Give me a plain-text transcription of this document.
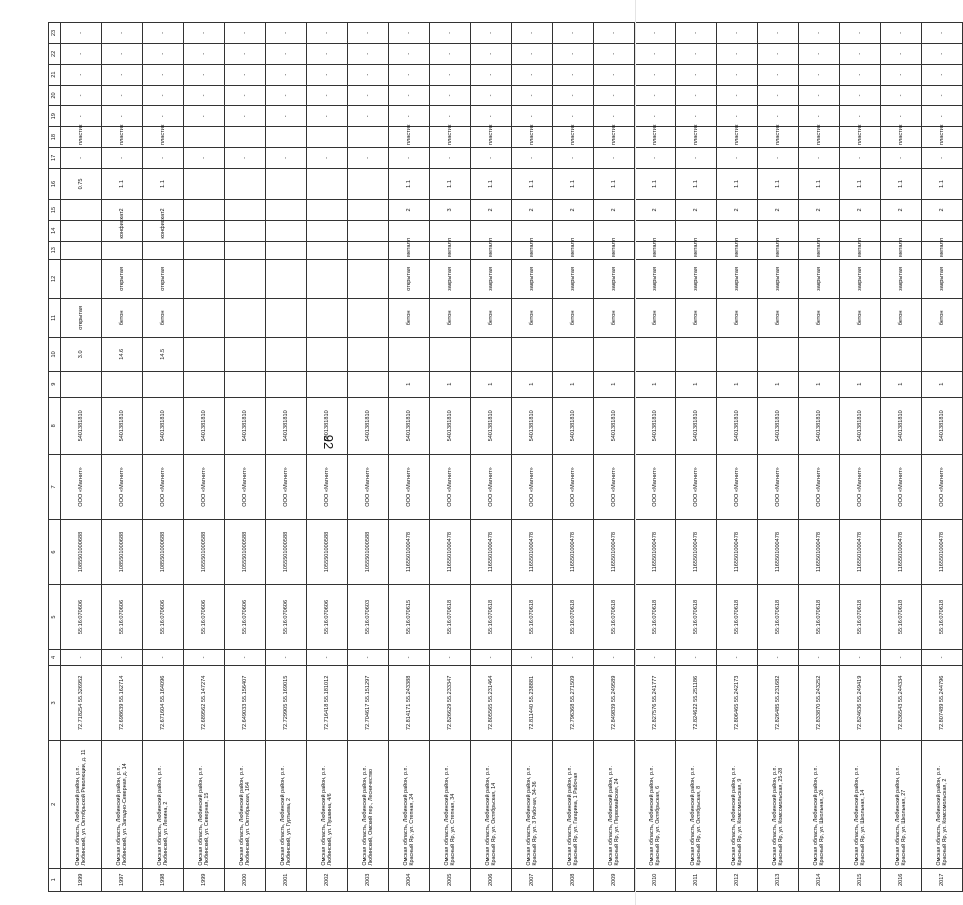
92
1	2	3	4	5	6	7	8	9	10	11	12	13	14	15	16	17	18	19	20	21	22	23
1999	Омская область, Любинский район, р.п. Любинский, ул. Октябрьской Революции, д. 11	72.718254 55.326952	-	55:16:070606	1085501000688	ООО «Магнит»	5401381810		3.0	открытая					0.75	-	пластик	-	-	-	-	-
1997	Омская область, Любинский район, р.п. Любинский, ул. Западно-Северная, д. 14	72.698639 55.162714	-	55:16:070606	1085501000688	ООО «Магнит»	5401381810		14.6	бетон	открытая		конфискат	2	1.1	-	пластик	-	-	-	-	-
1998	Омская область, Любинский район, р.п. Любинский, ул. Ленина, 2	72.671604 55.164096	-	55:16:070606	1085501000688	ООО «Магнит»	5401381810		14.5	бетон	открытая		конфискат	2	1.1	-	пластик	-	-	-	-	-
1999	Омская область, Любинский район, р.п. Любинский, ул. Северная, 15	72.689562 55.147274	-	55:16:070606	1055501000588	ООО «Магнит»	5401381810									-		-	-	-	-	-
2000	Омская область, Любинский район, р.п. Любинский, ул. Октябрьская, 164	72.649033 55.156407	-	55:16:070606	1055501000588	ООО «Магнит»	5401381810									-		-	-	-	-	-
2001	Омская область, Любинский район, р.п. Любинский, ул. Гуртьева, 2	72.729905 55.169015	-	55:16:070606	1055501000588	ООО «Магнит»	5401381810									-		-	-	-	-	-
2002	Омская область, Любинский район, р.п. Любинский, ул. Пушкина, 4/6	72.716418 55.181012	-	55:16:070606	1055501000588	ООО «Магнит»	5401381810									-		-	-	-	-	-
2003	Омская область, Любинский район, р.п. Любинский, Омский пер., Лесничество	72.704617 55.151297	-	55:16:070603	1055501000588	ООО «Магнит»	5401381810									-		-	-	-	-	-
2004	Омская область, Любинский район, р.п. Красный Яр, ул. Степная, 24	72.814171 55.243388	-	55:16:070615	1165501000478	ООО «Магнит»	5401381810	1		бетон	открытая	металл		2	1.1	-	пластик	-	-	-	-	-
2005	Омская область, Любинский район, р.п. Красный Яр, ул. Степная, 34	72.826629 55.233347	-	55:16:070618	1165501000478	ООО «Магнит»	5401381810	1		бетон	закрытая	металл		3	1.1	-	пластик	-	-	-	-	-
2006	Омская область, Любинский район, р.п. Красный Яр, ул. Октябрьская, 14	72.805565 55.231464	-	55:16:070618	1165501000478	ООО «Магнит»	5401381810	1		бетон	закрытая	металл		2	1.1	-	пластик	-	-	-	-	-
2007	Омская область, Любинский район, р.п. Красный Яр, ул. 3 Рабочая, 34-36	72.811440 55.238881	-	55:16:070618	1165501000478	ООО «Магнит»	5401381810	1		бетон	закрытая	металл		2	1.1	-	пластик	-	-	-	-	-
2008	Омская область, Любинский район, р.п. Красный Яр, ул. Гагарина, 1 Рабочая	72.796368 55.271509	-	55:16:070618	1165501000478	ООО «Магнит»	5401381810	1		бетон	закрытая	металл		2	1.1	-	пластик	-	-	-	-	-
2009	Омская область, Любинский район, р.п. Красный Яр, ул. Первомайская, 24	72.849839 55.249589	-	55:16:070618	1165501000478	ООО «Магнит»	5401381810	1		бетон	закрытая	металл		2	1.1	-	пластик	-	-	-	-	-
2010	Омская область, Любинский район, р.п. Красный Яр, ул. Октябрьская, 6	72.827576 55.241777	-	55:16:070618	1165501000478	ООО «Магнит»	5401381810	1		бетон	закрытая	металл		2	1.1	-	пластик	-	-	-	-	-
2011	Омская область, Любинский район, р.п. Красный Яр, ул. Октябрьская, 8	72.824622 55.251186	-	55:16:070618	1165501000478	ООО «Магнит»	5401381810	1		бетон	закрытая	металл		2	1.1	-	пластик	-	-	-	-	-
2012	Омская область, Любинский район, р.п. Красный Яр, ул. Комсомольская, 9	72.806465 55.242173	-	55:16:070618	1165501000478	ООО «Магнит»	5401381810	1		бетон	закрытая	металл		2	1.1	-	пластик	-	-	-	-	-
2013	Омская область, Любинский район, р.п. Красный Яр, ул. Комсомольская, 25-28	72.826485 55.231682	-	55:16:070618	1165501000478	ООО «Магнит»	5401381810	1		бетон	закрытая	металл		2	1.1	-	пластик	-	-	-	-	-
2014	Омская область, Любинский район, р.п. Красный Яр, ул. Школьная, 2б	72.833870 55.243252	-	55:16:070618	1165501000478	ООО «Магнит»	5401381810	1		бетон	закрытая	металл		2	1.1	-	пластик	-	-	-	-	-
2015	Омская область, Любинский район, р.п. Красный Яр, ул. Школьная, 14	72.824636 55.249419	-	55:16:070618	1165501000478	ООО «Магнит»	5401381810	1		бетон	закрытая	металл		2	1.1	-	пластик	-	-	-	-	-
2016	Омская область, Любинский район, р.п. Красный Яр, ул. Школьная, 27	72.836543 55.244334	-	55:16:070618	1165501000478	ООО «Магнит»	5401381810	1		бетон	закрытая	металл		2	1.1	-	пластик	-	-	-	-	-
2017	Омская область, Любинский район, р.п. Красный Яр, ул. Комсомольская, 2	72.807489 55.244796	-	55:16:070618	1165501000478	ООО «Магнит»	5401381810	1		бетон	закрытая	металл		2	1.1	-	пластик	-	-	-	-	-
